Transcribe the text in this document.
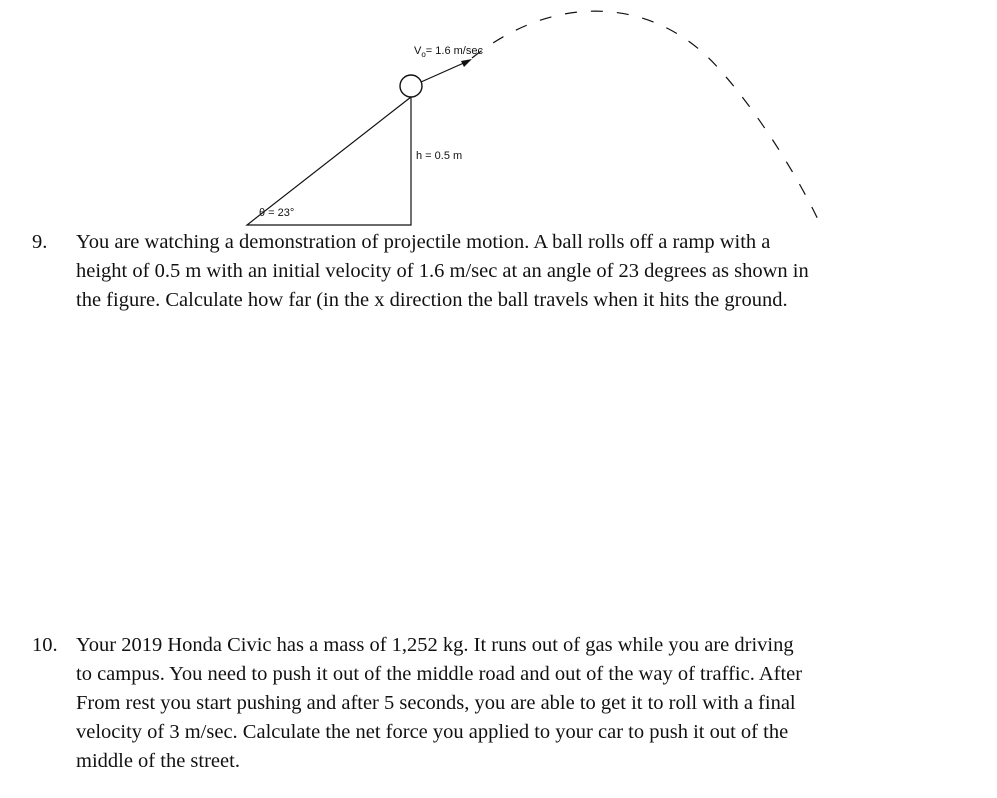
$V_o= 1.6$ m/sec
h = 0.5 m
θ = 23°
9. You are watching a demonstration of projectile motion. A ball rolls off a ramp with a
height of 0.5 m with an initial velocity of 1.6 m/sec at an angle of 23 degrees as shown in
the figure. Calculate how far (in the x direction the ball travels when it hits the ground.
10. Your 2019 Honda Civic has a mass of 1,252 kg. It runs out of gas while you are driving
to campus. You need to push it out of the middle road and out of the way of traffic. After
From rest you start pushing and after 5 seconds, you are able to get it to roll with a final
velocity of 3 m/sec. Calculate the net force you applied to your car to push it out of the
middle of the street.
